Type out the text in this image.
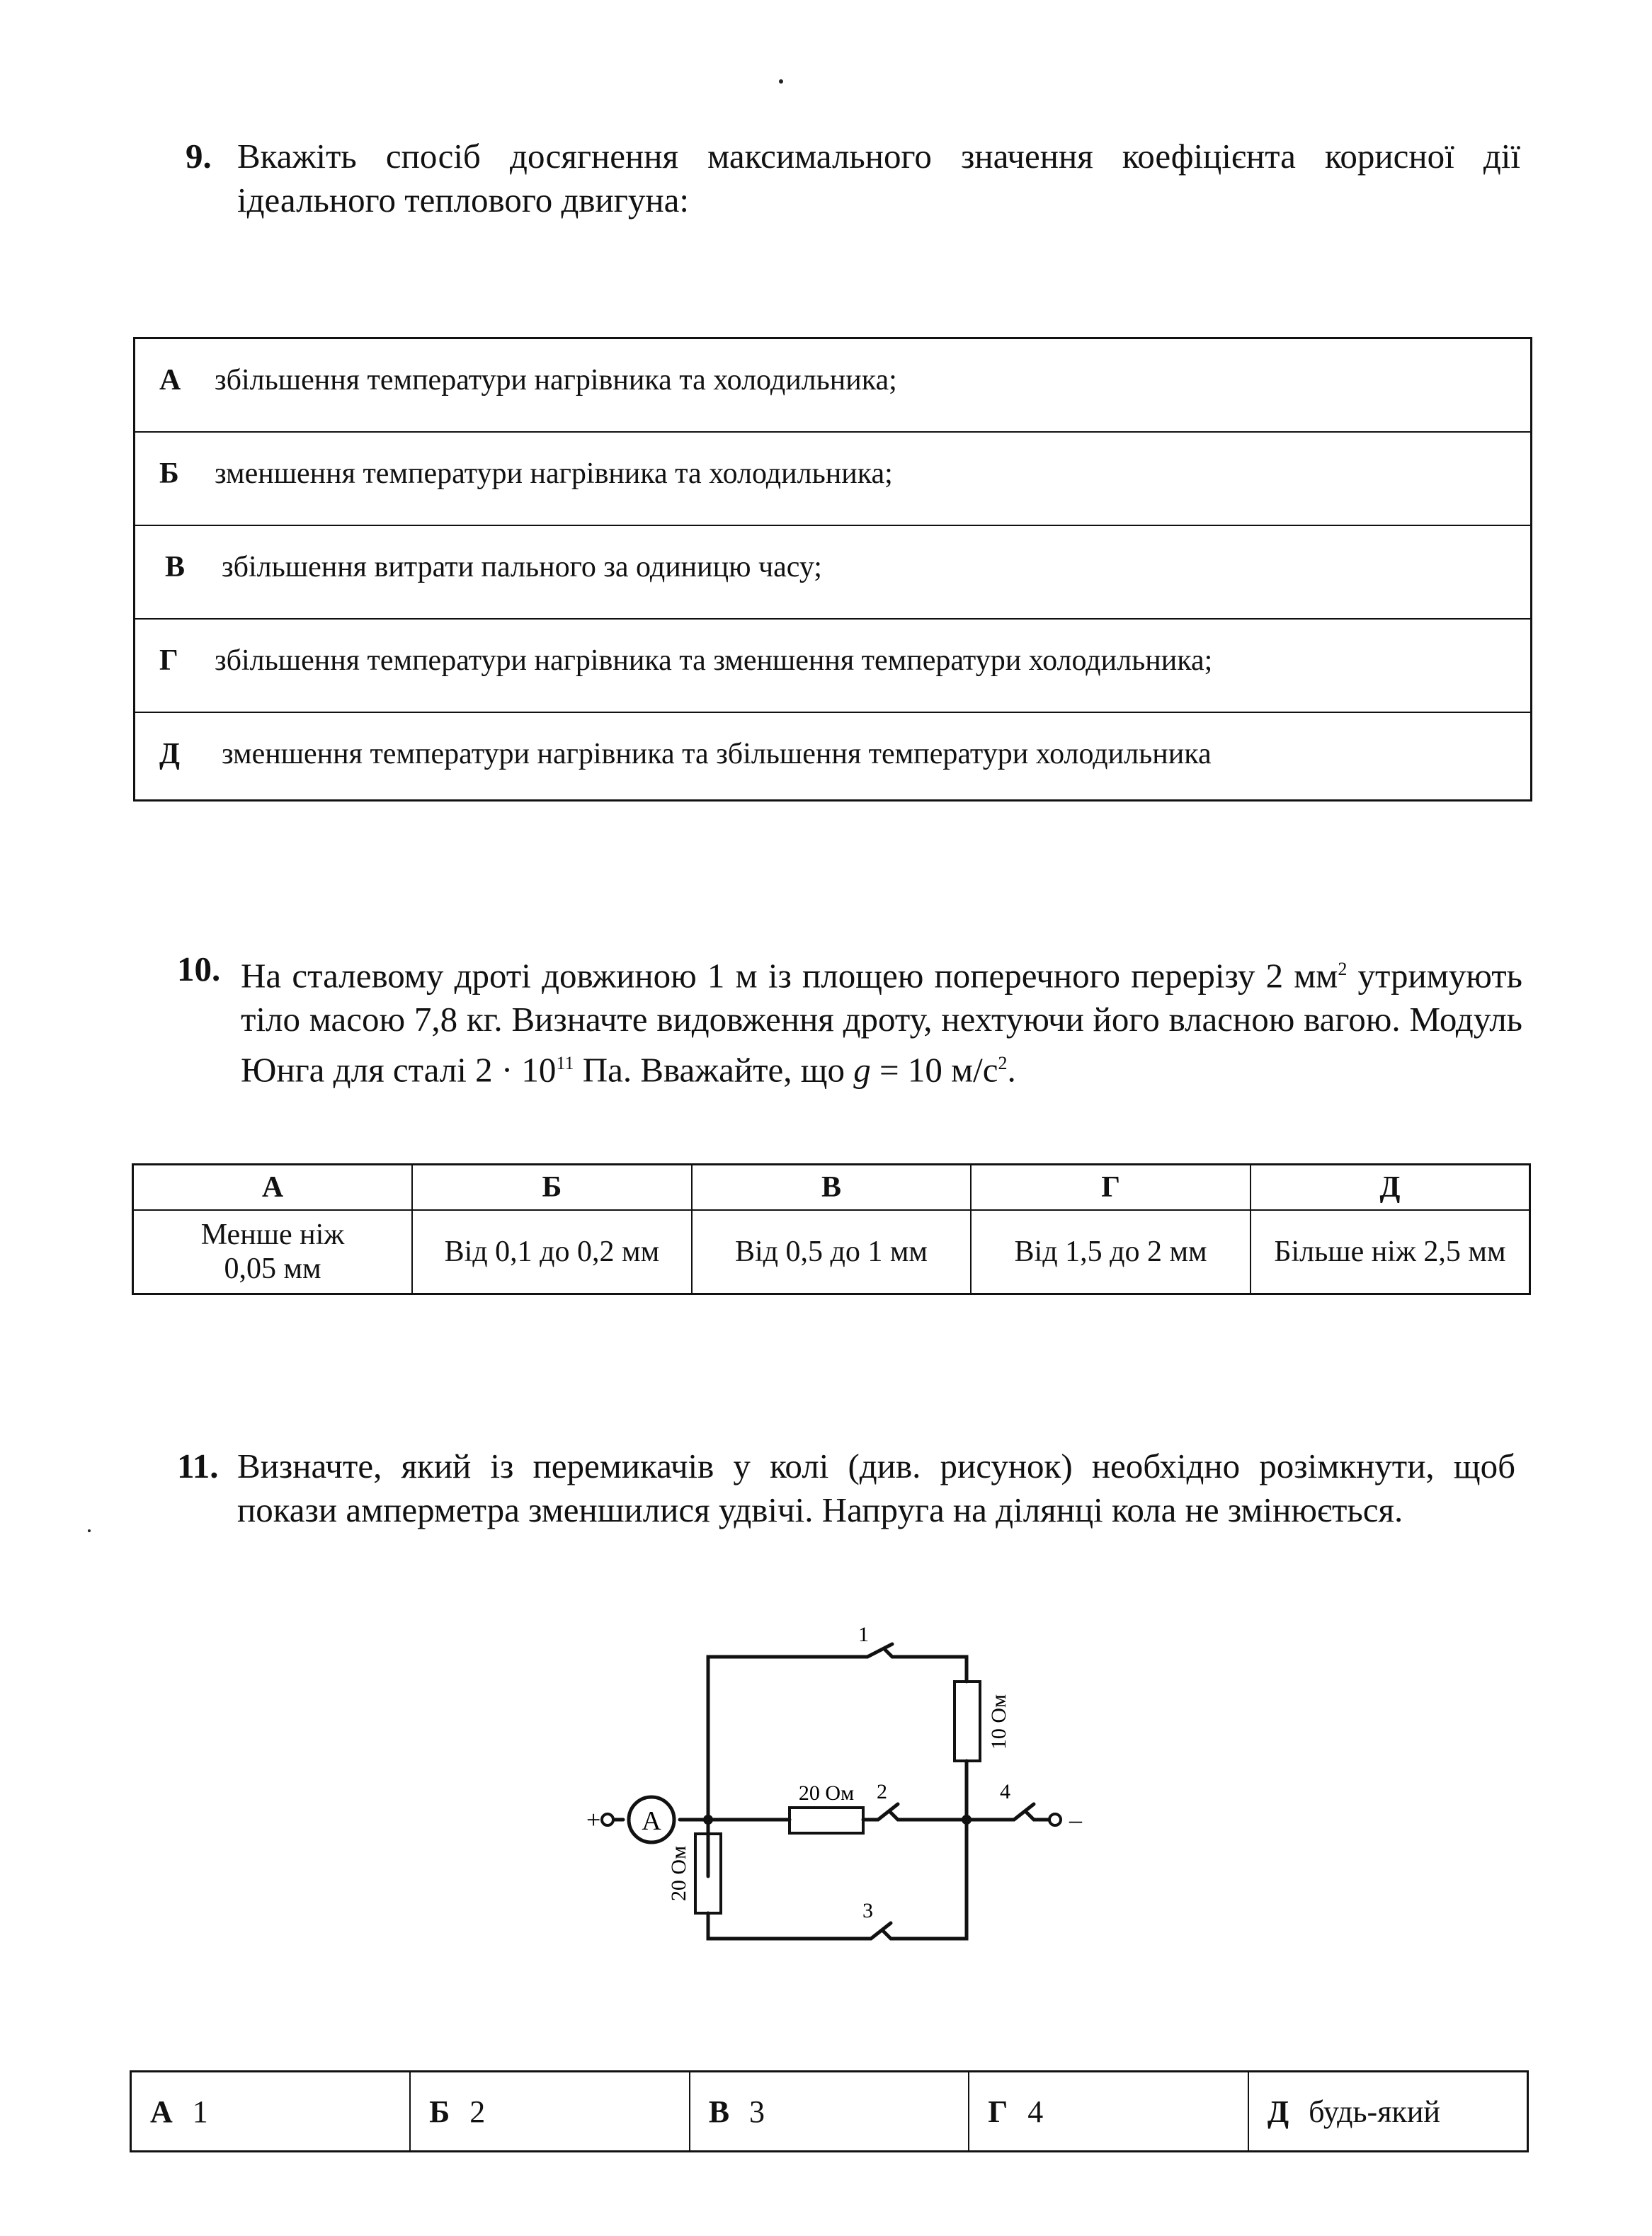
9. Вкажіть спосіб досягнення максимального значення коефіцієнта корисної дії ідеального теплового двигуна:
А збільшення температури нагрівника та холодильника;
Б зменшення температури нагрівника та холодильника;
В збільшення витрати пального за одиницю часу;
Г збільшення температури нагрівника та зменшення температури холодильника;
Д зменшення температури нагрівника та збільшення температури холодильника
10. На сталевому дроті довжиною 1 м із площею поперечного перерізу 2 $мм^2$ утримують тіло масою 7,8 кг. Визначте видовження дроту, нехтуючи його власною вагою. Модуль Юнга для сталі $2 \cdot 10^{11}$ Па. Вважайте, що g = 10 $м/с^2$.
А	Б	В	Г	Д

Менше ніж 0,05 мм	Від 0,1 до 0,2 мм	Від 0,5 до 1 мм	Від 1,5 до 2 мм	Більше ніж 2,5 мм
11. Визначте, який із перемикачів у колі (див. рисунок) необхідно розімкнути, щоб покази амперметра зменшилися удвічі. Напруга на ділянці кола не змінюється.
A
+	–
20 Ом
10 Ом
20 Ом
1
2
3
4
А 1	Б 2	В 3	Г 4	Д будь-який
